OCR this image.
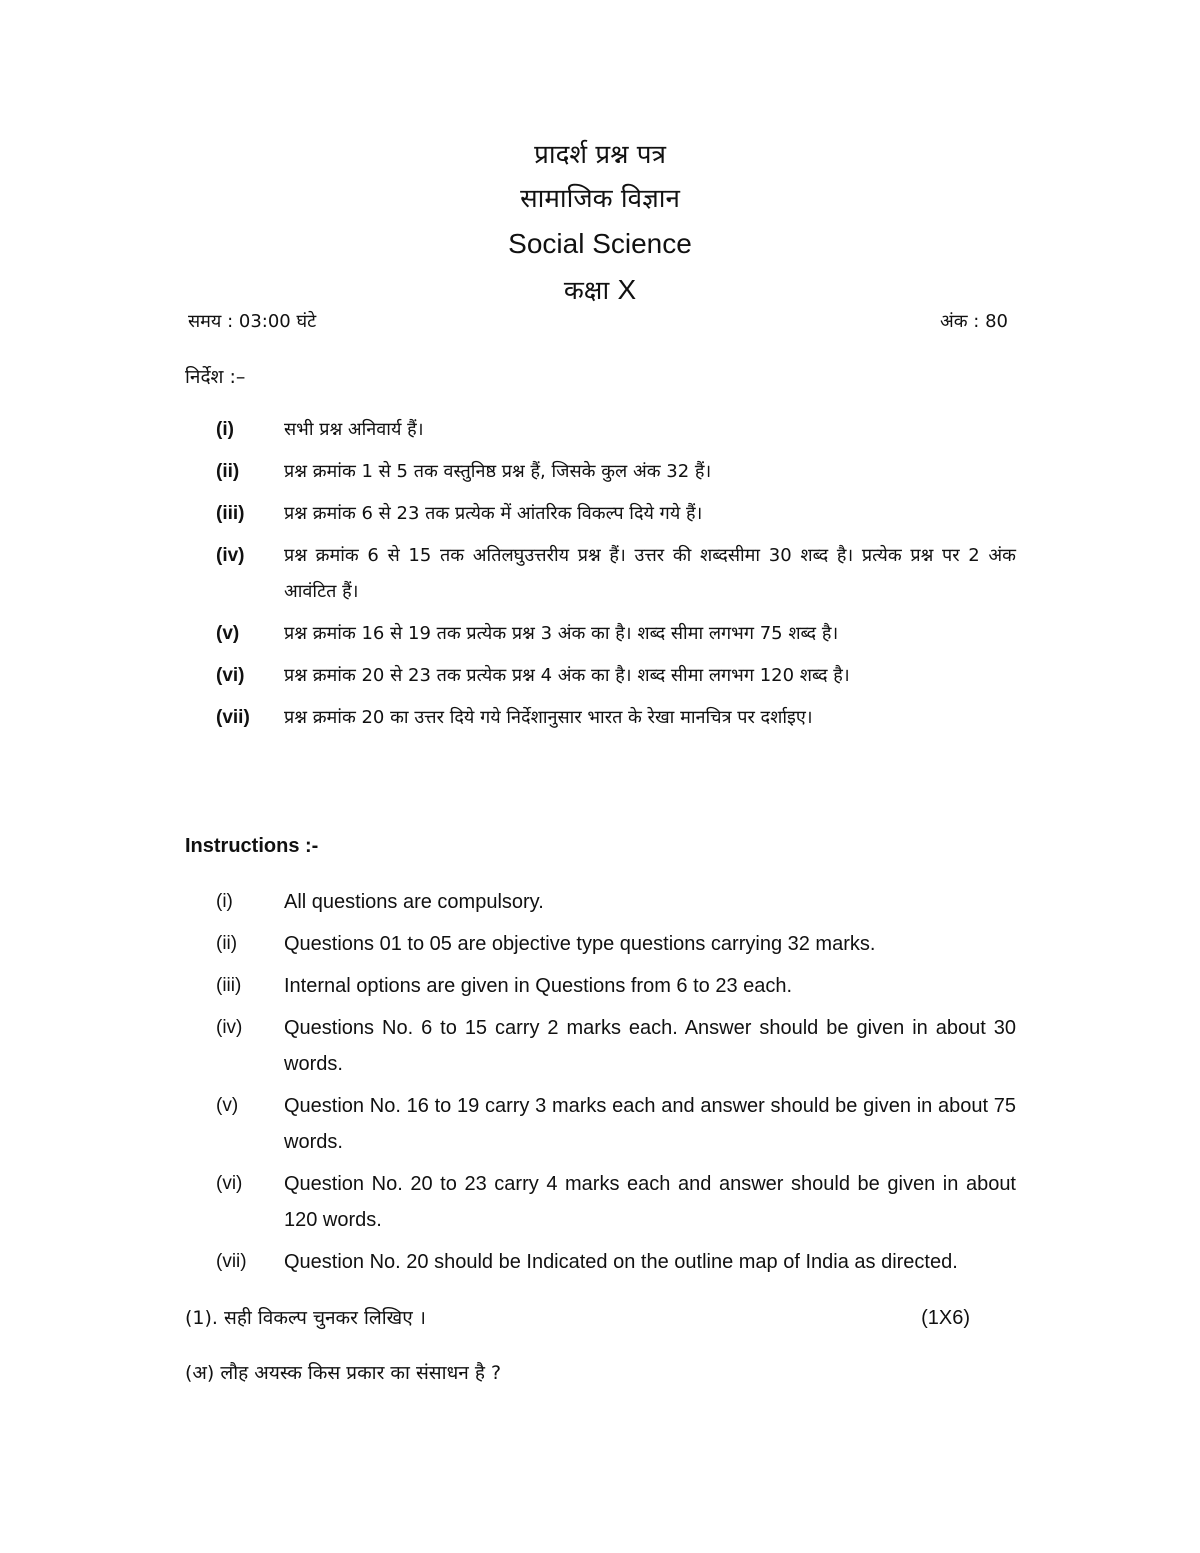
प्रादर्श प्रश्न पत्र
सामाजिक विज्ञान
Social Science
कक्षा X
समय : 03:00 घंटे	अंक : 80
निर्देश :–
(i)	सभी प्रश्न अनिवार्य हैं।
(ii)	प्रश्न क्रमांक 1 से 5 तक वस्तुनिष्ठ प्रश्न हैं, जिसके कुल अंक 32 हैं।
(iii)	प्रश्न क्रमांक 6 से 23 तक प्रत्येक में आंतरिक विकल्प दिये गये हैं।
(iv)	प्रश्न क्रमांक 6 से 15 तक अतिलघुउत्तरीय प्रश्न हैं। उत्तर की शब्दसीमा 30 शब्द है। प्रत्येक प्रश्न पर 2 अंक आवंटित हैं।
(v)	प्रश्न क्रमांक 16 से 19 तक प्रत्येक प्रश्न 3 अंक का है। शब्द सीमा लगभग 75 शब्द है।
(vi)	प्रश्न क्रमांक 20 से 23 तक प्रत्येक प्रश्न 4 अंक का है। शब्द सीमा लगभग 120 शब्द है।
(vii)	प्रश्न क्रमांक 20 का उत्तर दिये गये निर्देशानुसार भारत के रेखा मानचित्र पर दर्शाइए।
Instructions :-
(i)	All questions are compulsory.
(ii)	Questions 01 to 05 are objective type questions carrying 32 marks.
(iii)	Internal options are given in Questions from 6 to 23 each.
(iv)	Questions No. 6 to 15 carry 2 marks each. Answer should be given in about 30 words.
(v)	Question No. 16 to 19 carry 3 marks each and answer should be given in about 75 words.
(vi)	Question No. 20 to 23 carry 4 marks each and answer should be given in about 120 words.
(vii)	Question No. 20 should be Indicated on the outline map of India as directed.
(1). सही विकल्प चुनकर लिखिए ।	(1X6)
(अ) लौह अयस्क किस प्रकार का संसाधन है ?
